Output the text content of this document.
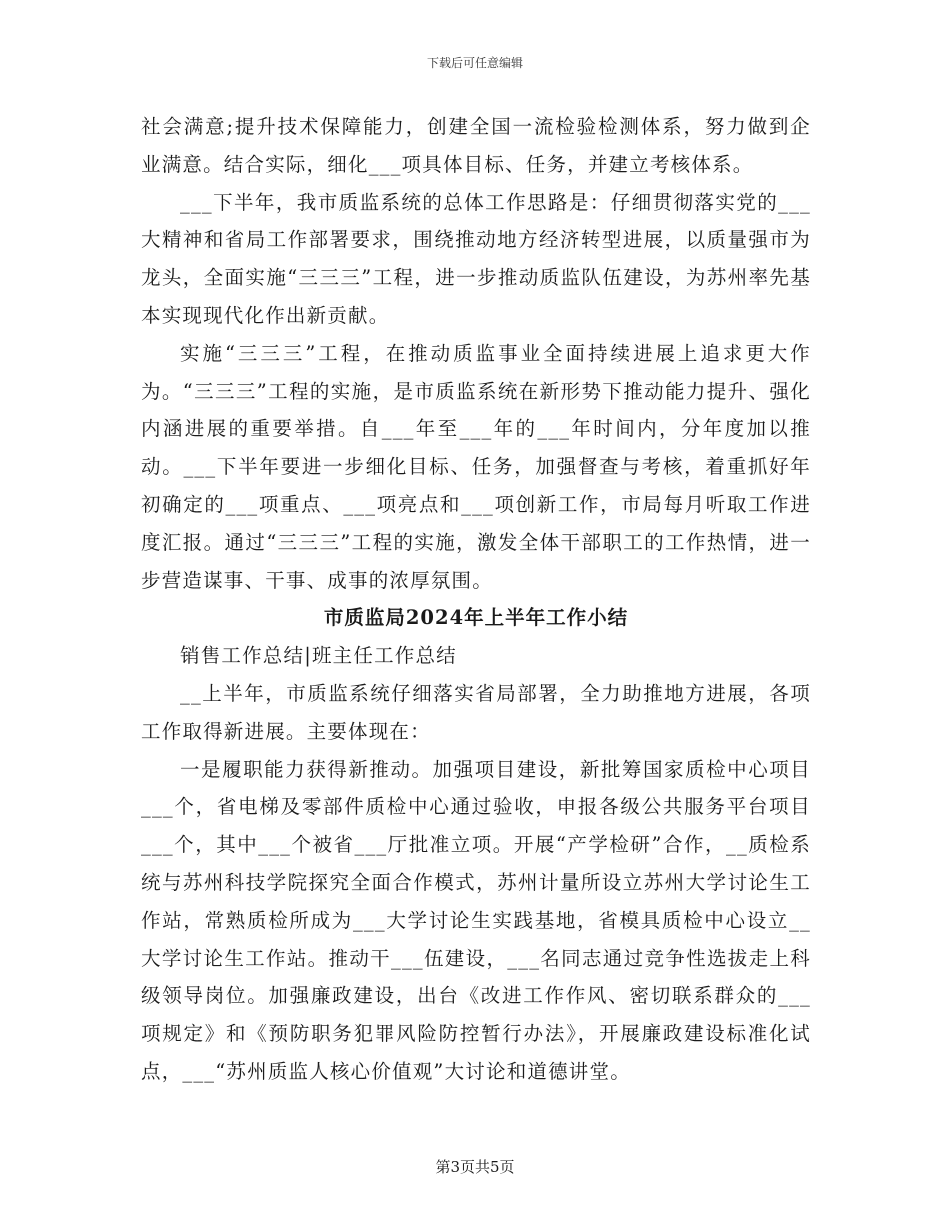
下载后可任意编辑

社会满意;提升技术保障能力，创建全国一流检验检测体系，努力做到企业满意。结合实际，细化___项具体目标、任务，并建立考核体系。

___下半年，我市质监系统的总体工作思路是：仔细贯彻落实党的___大精神和省局工作部署要求，围绕推动地方经济转型进展，以质量强市为龙头，全面实施“三三三”工程，进一步推动质监队伍建设，为苏州率先基本实现现代化作出新贡献。

实施“三三三”工程，在推动质监事业全面持续进展上追求更大作为。“三三三”工程的实施，是市质监系统在新形势下推动能力提升、强化内涵进展的重要举措。自___年至___年的___年时间内，分年度加以推动。___下半年要进一步细化目标、任务，加强督查与考核，着重抓好年初确定的___项重点、___项亮点和___项创新工作，市局每月听取工作进度汇报。通过“三三三”工程的实施，激发全体干部职工的工作热情，进一步营造谋事、干事、成事的浓厚氛围。

市质监局2024年上半年工作小结

销售工作总结|班主任工作总结

__上半年，市质监系统仔细落实省局部署，全力助推地方进展，各项工作取得新进展。主要体现在：

一是履职能力获得新推动。加强项目建设，新批筹国家质检中心项目___个，省电梯及零部件质检中心通过验收，申报各级公共服务平台项目___个，其中___个被省___厅批准立项。开展“产学检研”合作，__质检系统与苏州科技学院探究全面合作模式，苏州计量所设立苏州大学讨论生工作站，常熟质检所成为___大学讨论生实践基地，省模具质检中心设立__大学讨论生工作站。推动干___伍建设，___名同志通过竞争性选拔走上科级领导岗位。加强廉政建设，出台《改进工作作风、密切联系群众的___项规定》和《预防职务犯罪风险防控暂行办法》，开展廉政建设标准化试点，___“苏州质监人核心价值观”大讨论和道德讲堂。

第3页共5页
